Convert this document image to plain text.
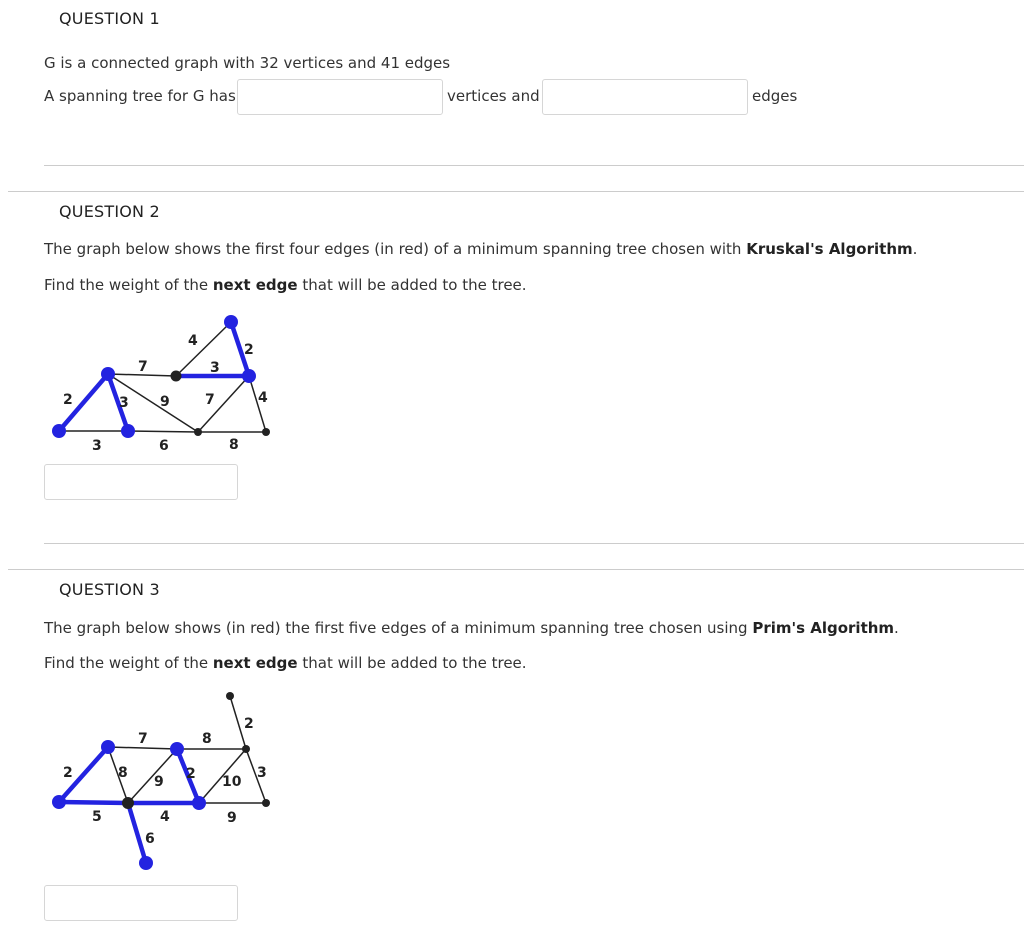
QUESTION 1
G is a connected graph with 32 vertices and 41 edges
A spanning tree for G has	vertices and	edges
QUESTION 2
The graph below shows the first four edges (in red) of a minimum spanning tree chosen with Kruskal's Algorithm.
Find the weight of the next edge that will be added to the tree.
4
2
7	3
2	3 9	7	4
3	6	8
QUESTION 3
The graph below shows (in red) the first five edges of a minimum spanning tree chosen using Prim's Algorithm.
Find the weight of the next edge that will be added to the tree.
2
7	8
2	8
9 2 10
3
5	4	9
6
